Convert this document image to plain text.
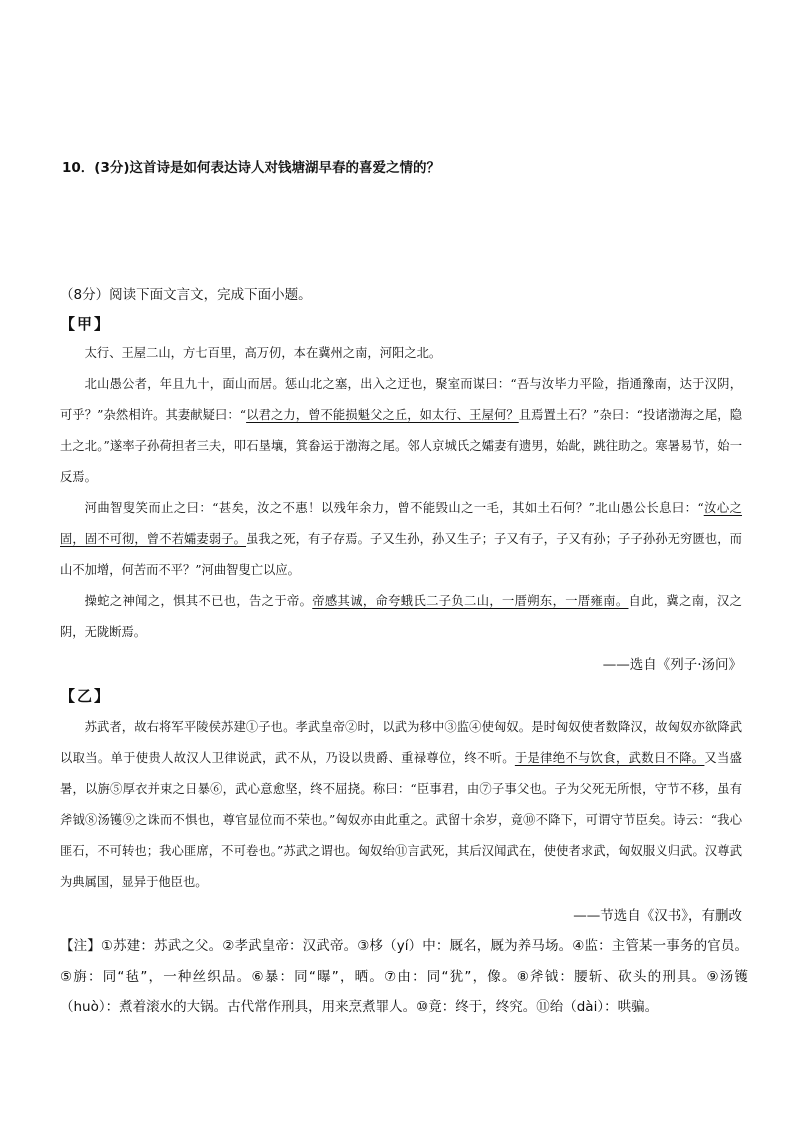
10．(3分)这首诗是如何表达诗人对钱塘湖早春的喜爱之情的？
（8分）阅读下面文言文，完成下面小题。
【甲】

太行、王屋二山，方七百里，高万仞，本在冀州之南，河阳之北。

北山愚公者，年且九十，面山而居。惩山北之塞，出入之迂也，聚室而谋曰：“吾与汝毕力平险，指通豫南，达于汉阴，可乎？”杂然相许。其妻献疑曰：“以君之力，曾不能损魁父之丘，如太行、王屋何？且焉置土石？”杂曰：“投诸渤海之尾，隐土之北。”遂率子孙荷担者三夫，叩石垦壤，箕畚运于渤海之尾。邻人京城氏之孀妻有遗男，始龀，跳往助之。寒暑易节，始一反焉。

河曲智叟笑而止之曰：“甚矣，汝之不惠！以残年余力，曾不能毁山之一毛，其如土石何？”北山愚公长息曰：“汝心之固，固不可彻，曾不若孀妻弱子。虽我之死，有子存焉。子又生孙，孙又生子；子又有子，子又有孙；子子孙孙无穷匮也，而山不加增，何苦而不平？”河曲智叟亡以应。

操蛇之神闻之，惧其不已也，告之于帝。帝感其诚，命夸蛾氏二子负二山，一厝朔东，一厝雍南。自此，冀之南，汉之阴，无陇断焉。

——选自《列子·汤问》
【乙】

苏武者，故右将军平陵侯苏建①子也。孝武皇帝②时，以武为移中③监④使匈奴。是时匈奴使者数降汉，故匈奴亦欲降武以取当。单于使贵人故汉人卫律说武，武不从，乃设以贵爵、重禄尊位，终不听。于是律绝不与饮食，武数日不降。又当盛暑，以旃⑤厚衣并束之日暴⑥，武心意愈坚，终不屈挠。称曰：“臣事君，由⑦子事父也。子为父死无所恨，守节不移，虽有斧钺⑧汤镬⑨之诛而不惧也，尊官显位而不荣也。”匈奴亦由此重之。武留十余岁，竟⑩不降下，可谓守节臣矣。诗云：“我心匪石，不可转也；我心匪席，不可卷也。”苏武之谓也。匈奴绐⑪言武死，其后汉闻武在，使使者求武，匈奴服义归武。汉尊武为典属国，显异于他臣也。

——节选自《汉书》，有删改

【注】①苏建：苏武之父。②孝武皇帝：汉武帝。③栘（yí）中：厩名，厩为养马场。④监：主管某一事务的官员。⑤旃：同“毡”，一种丝织品。⑥暴：同“曝”，晒。⑦由：同“犹”，像。⑧斧钺：腰斩、砍头的刑具。⑨汤镬（huò）：煮着滚水的大锅。古代常作刑具，用来烹煮罪人。⑩竟：终于，终究。⑪绐（dài）：哄骗。
